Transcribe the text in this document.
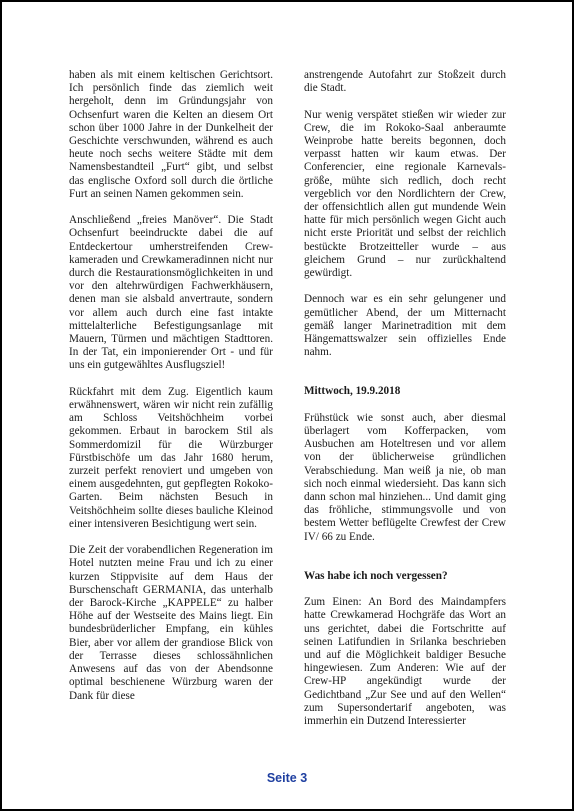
haben als mit einem keltischen Gerichtsort. Ich persönlich finde das ziemlich weit hergeholt, denn im Gründungsjahr von Ochsenfurt waren die Kelten an diesem Ort schon über 1000 Jahre in der Dunkelheit der Geschichte verschwunden, während es auch heute noch sechs weitere Städte mit dem Namensbestandteil „Furt“ gibt, und selbst das englische Oxford soll durch die örtliche Furt an seinen Namen gekommen sein.

Anschließend „freies Manöver“. Die Stadt Ochsenfurt beeindruckte dabei die auf Entdeckertour umherstreifenden Crew-kameraden und Crewkameradinnen nicht nur durch die Restaurationsmöglichkeiten in und vor den altehrwürdigen Fachwerkhäusern, denen man sie alsbald anvertraute, sondern vor allem auch durch eine fast intakte mittelalterliche Befestigungsanlage mit Mauern, Türmen und mächtigen Stadttoren. In der Tat, ein imponierender Ort - und für uns ein gutgewähltes Ausflugsziel!

Rückfahrt mit dem Zug. Eigentlich kaum erwähnenswert, wären wir nicht rein zufällig am Schloss Veitshöchheim vorbei gekommen. Erbaut in barockem Stil als Sommerdomizil für die Würzburger Fürstbischöfe um das Jahr 1680 herum, zurzeit perfekt renoviert und umgeben von einem ausgedehnten, gut gepflegten Rokoko-Garten. Beim nächsten Besuch in Veitshöchheim sollte dieses bauliche Kleinod einer intensiveren Besichtigung wert sein.

Die Zeit der vorabendlichen Regeneration im Hotel nutzten meine Frau und ich zu einer kurzen Stippvisite auf dem Haus der Burschenschaft GERMANIA, das unterhalb der Barock-Kirche „KAPPELE“ zu halber Höhe auf der Westseite des Mains liegt. Ein bundesbrüderlicher Empfang, ein kühles Bier, aber vor allem der grandiose Blick von der Terrasse dieses schlossähnlichen Anwesens auf das von der Abendsonne optimal beschienene Würzburg waren der Dank für diese

anstrengende Autofahrt zur Stoßzeit durch die Stadt.

Nur wenig verspätet stießen wir wieder zur Crew, die im Rokoko-Saal anberaumte Weinprobe hatte bereits begonnen, doch verpasst hatten wir kaum etwas. Der Conferencier, eine regionale Karnevals-größe, mühte sich redlich, doch recht vergeblich vor den Nordlichtern der Crew, der offensichtlich allen gut mundende Wein hatte für mich persönlich wegen Gicht auch nicht erste Priorität und selbst der reichlich bestückte Brotzeitteller wurde – aus gleichem Grund – nur zurückhaltend gewürdigt.

Dennoch war es ein sehr gelungener und gemütlicher Abend, der um Mitternacht gemäß langer Marinetradition mit dem Hängemattswalzer sein offizielles Ende nahm.

Mittwoch, 19.9.2018

Frühstück wie sonst auch, aber diesmal überlagert vom Kofferpacken, vom Ausbuchen am Hoteltresen und vor allem von der üblicherweise gründlichen Verabschiedung. Man weiß ja nie, ob man sich noch einmal wiedersieht. Das kann sich dann schon mal hinziehen... Und damit ging das fröhliche, stimmungsvolle und von bestem Wetter beflügelte Crewfest der Crew IV/ 66 zu Ende.

Was habe ich noch vergessen?

Zum Einen: An Bord des Maindampfers hatte Crewkamerad Hochgräfe das Wort an uns gerichtet, dabei die Fortschritte auf seinen Latifundien in Srilanka beschrieben und auf die Möglichkeit baldiger Besuche hingewiesen. Zum Anderen: Wie auf der Crew-HP angekündigt wurde der Gedichtband „Zur See und auf den Wellen“ zum Supersondertarif angeboten, was immerhin ein Dutzend Interessierter

Seite 3
